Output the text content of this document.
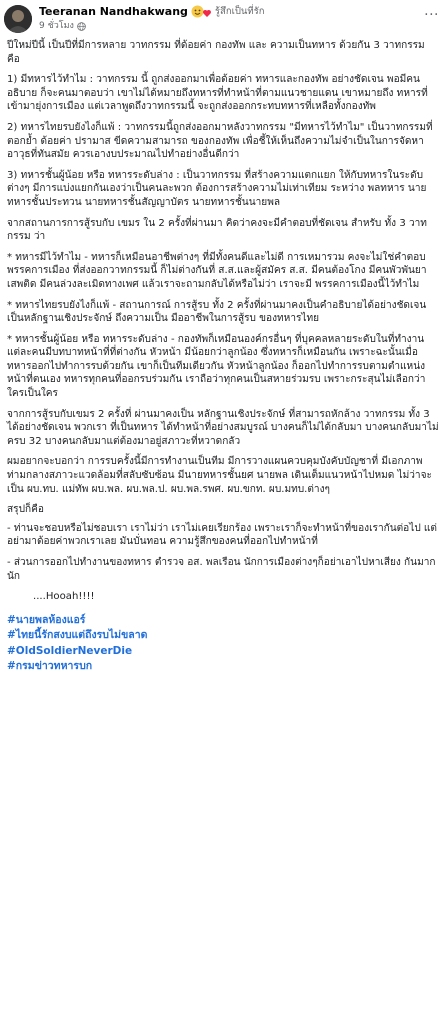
Teeranan Nandhakwang	รู้สึกเป็นที่รัก
9 ชั่วโมง
···

ปีใหม่ปีนี้ เป็นปีที่มีการหลาย วาทกรรม ที่ด้อยค่า กองทัพ และ ความเป็นทหาร ด้วยกัน 3 วาทกรรม คือ

1) มีทหารไว้ทำไม : วาทกรรม นี้ ถูกส่งออกมาเพื่อด้อยค่า ทหารและกองทัพ อย่างชัดเจน พอมีคนอธิบาย ก็จะคนมาตอบว่า เขาไม่ได้หมายถึงทหารที่ทำหน้าที่ตามแนวชายแดน เขาหมายถึง ทหารที่เข้ามายุ่งการเมือง แต่เวลาพูดถึงวาทกรรมนี้ จะถูกส่งออกกระทบทหารที่เหลือทั้งกองทัพ

2) ทหารไทยรบยังไงก็แพ้ : วาทกรรมนี้ถูกส่งออกมาหลังวาทกรรม "มีทหารไว้ทำไม" เป็นวาทกรรมที่ตอกย้ำ ด้อยค่า ปรามาส ขีดความสามารถ ของกองทัพ เพื่อชี้ให้เห็นถึงความไม่จำเป็นในการจัดหาอาวุธที่ทันสมัย ควรเอางบประมาณไปทำอย่างอื่นดีกว่า

3) ทหารชั้นผู้น้อย หรือ ทหารระดับล่าง : เป็นวาทกรรม ที่สร้างความแตกแยก ให้กับทหารในระดับต่างๆ มีการแบ่งแยกกันเองว่าเป็นคนละพวก ต้องการสร้างความไม่เท่าเทียม ระหว่าง พลทหาร นายทหารชั้นประทวน นายทหารชั้นสัญญาบัตร นายทหารชั้นนายพล

จากสถานการการสู้รบกับ เขมร ใน 2 ครั้งที่ผ่านมา คิดว่าคงจะมีคำตอบที่ชัดเจน สำหรับ ทั้ง 3 วาทกรรม ว่า

* ทหารมีไว้ทำไม - ทหารก็เหมือนอาชีพต่างๆ ที่มีทั้งคนดีและไม่ดี การเหมารวม คงจะไม่ใช่คำตอบ พรรคการเมือง ที่ส่งออกวาทกรรมนี้ ก็ไม่ต่างกันที่ ส.ส.และผู้สมัคร ส.ส. มีคนต้องโกง มีคนพัวพันยาเสพติด มีคนล่วงละเมิดทางเพศ แล้วเราจะถามกลับได้หรือไม่ว่า เราจะมี พรรคการเมืองนี้ไว้ทำไม

* ทหารไทยรบยังไงก็แพ้ - สถานการณ์ การสู้รบ ทั้ง 2 ครั้งที่ผ่านมาคงเป็นคำอธิบายได้อย่างชัดเจน เป็นหลักฐานเชิงประจักษ์ ถึงความเป็น มืออาชีพในการสู้รบ ของทหารไทย

* ทหารชั้นผู้น้อย หรือ ทหารระดับล่าง - กองทัพก็เหมือนองค์กรอื่นๆ ที่บุคคลหลายระดับในที่ทำงาน แต่ละคนมีบทบาทหน้าที่ที่ต่างกัน หัวหน้า มีน้อยกว่าลูกน้อง ซึ่งทหารก็เหมือนกัน เพราะฉะนั้นเมื่อ ทหารออกไปทำการรบด้วยกัน เขาก็เป็นทีมเดียวกัน หัวหน้าลูกน้อง ก็ออกไปทำการรบตามตำแหน่งหน้าที่ตนเอง ทหารทุกคนที่ออกรบร่วมกัน เราถือว่าทุกคนเป็นสหายร่วมรบ เพราะกระสุนไม่เลือกว่าใครเป็นใคร

จากการสู้รบกับเขมร 2 ครั้งที่ ผ่านมาคงเป็น หลักฐานเชิงประจักษ์ ที่สามารถหักล้าง วาทกรรม ทั้ง 3 ได้อย่างชัดเจน พวกเรา ที่เป็นทหาร ได้ทำหน้าที่อย่างสมบูรณ์ บางคนก็ไม่ได้กลับมา บางคนกลับมาไม่ครบ 32 บางคนกลับมาแต่ต้องมาอยู่สภาวะที่หวาดกลัว

ผมอยากจะบอกว่า การรบครั้งนี้มีการทำงานเป็นทีม มีการวางแผนควบคุมบังคับบัญชาที่ มีเอกภาพ ท่ามกลางสภาวะแวดล้อมที่สลับซับซ้อน มีนายทหารชั้นยศ นายพล เดินเต็มแนวหน้าไปหมด ไม่ว่าจะเป็น ผบ.ทบ. แม่ทัพ ผบ.พล. ผบ.พล.ป. ผบ.พล.รพศ. ผบ.ขกท. ผบ.มทบ.ต่างๆ

สรุปก็คือ

- ท่านจะชอบหรือไม่ชอบเรา เราไม่ว่า เราไม่เคยเรียกร้อง เพราะเราก็จะทำหน้าที่ของเรากันต่อไป แต่อย่ามาด้อยค่าพวกเราเลย มันบั่นทอน ความรู้สึกของคนที่ออกไปทำหน้าที่

- ส่วนการออกไปทำงานของทหาร ตำรวจ อส. พลเรือน นักการเมืองต่างๆก็อย่าเอาไปหาเสียง กันมากนัก

....Hooah!!!!

#นายพลห้องแอร์
#ไทยนี้รักสงบแต่ถึงรบไม่ขลาด
#OldSoldierNeverDie
#กรมข่าวทหารบก
